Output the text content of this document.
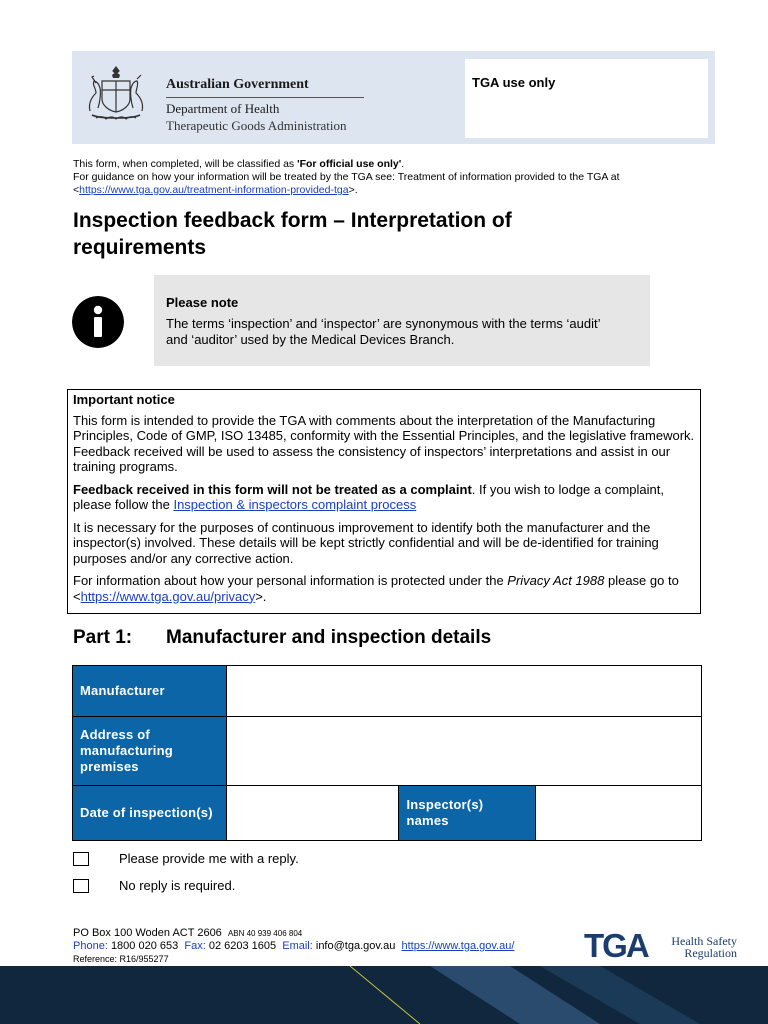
Australian Government
Department of Health
Therapeutic Goods Administration
TGA use only
This form, when completed, will be classified as 'For official use only'.
For guidance on how your information will be treated by the TGA see: Treatment of information provided to the TGA at
<https://www.tga.gov.au/treatment-information-provided-tga>.
Inspection feedback form – Interpretation of requirements
Please note
The terms ‘inspection’ and ‘inspector’ are synonymous with the terms ‘audit’ and ‘auditor’ used by the Medical Devices Branch.
Important notice

This form is intended to provide the TGA with comments about the interpretation of the Manufacturing Principles, Code of GMP, ISO 13485, conformity with the Essential Principles, and the legislative framework. Feedback received will be used to assess the consistency of inspectors’ interpretations and assist in our training programs.

Feedback received in this form will not be treated as a complaint. If you wish to lodge a complaint, please follow the Inspection & inspectors complaint process

It is necessary for the purposes of continuous improvement to identify both the manufacturer and the inspector(s) involved. These details will be kept strictly confidential and will be de-identified for training purposes and/or any corrective action.

For information about how your personal information is protected under the Privacy Act 1988 please go to <https://www.tga.gov.au/privacy>.

Part 1: Manufacturer and inspection details
Manufacturer			
Address of manufacturing premises			
Date of inspection(s)		Inspector(s) names	
Please provide me with a reply.
No reply is required.
PO Box 100 Woden ACT 2606 ABN 40 939 406 804
Phone: 1800 020 653 Fax: 02 6203 1605 Email: info@tga.gov.au https://www.tga.gov.au/
Reference: R16/955277	TGA	Health Safety
Regulation
